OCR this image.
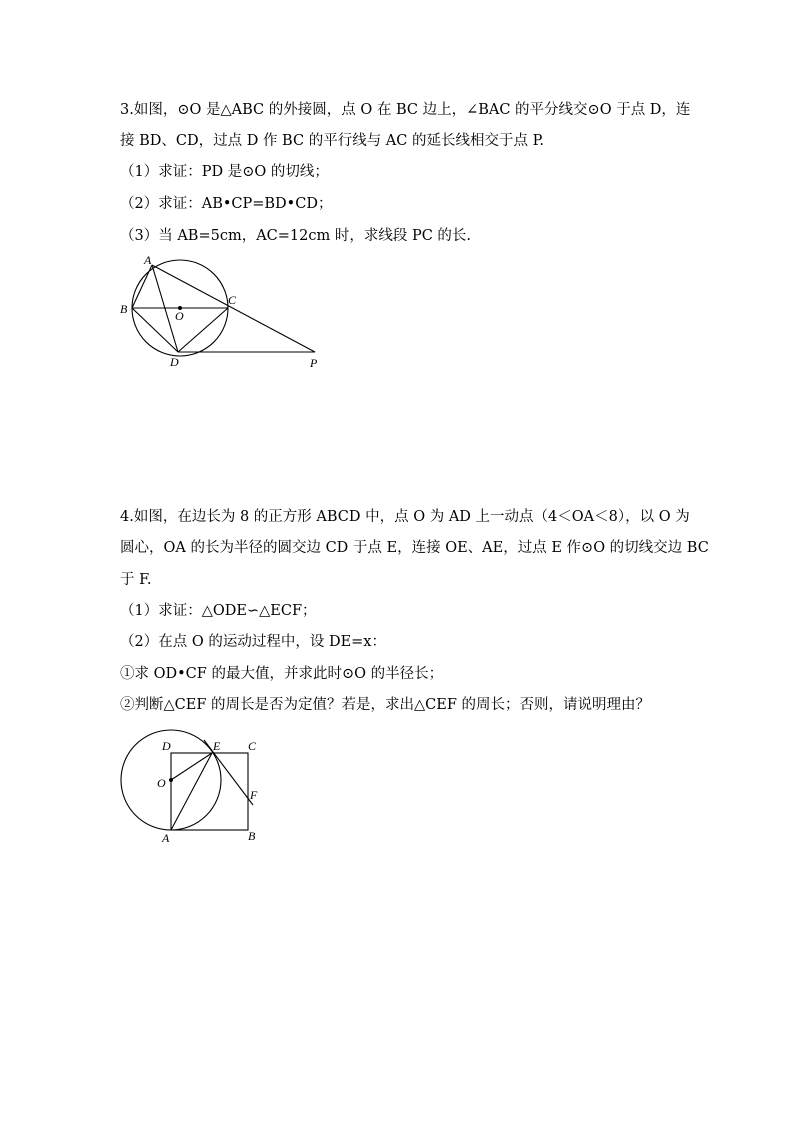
3.如图，⊙O 是△ABC 的外接圆，点 O 在 BC 边上，∠BAC 的平分线交⊙O 于点 D，连
接 BD、CD，过点 D 作 BC 的平行线与 AC 的延长线相交于点 P.
（1）求证：PD 是⊙O 的切线；
（2）求证：AB•CP=BD•CD；
（3）当 AB=5cm，AC=12cm 时，求线段 PC 的长.
A
B
C
O
D	P
4.如图，在边长为 8 的正方形 ABCD 中，点 O 为 AD 上一动点（4＜OA＜8），以 O 为
圆心，OA 的长为半径的圆交边 CD 于点 E，连接 OE、AE，过点 E 作⊙O 的切线交边 BC
于 F.
（1）求证：△ODE∽△ECF；
（2）在点 O 的运动过程中，设 DE=x：
①求 OD•CF 的最大值，并求此时⊙O 的半径长；
②判断△CEF 的周长是否为定值？若是，求出△CEF 的周长；否则，请说明理由？
D	E C
O
F
A	B
